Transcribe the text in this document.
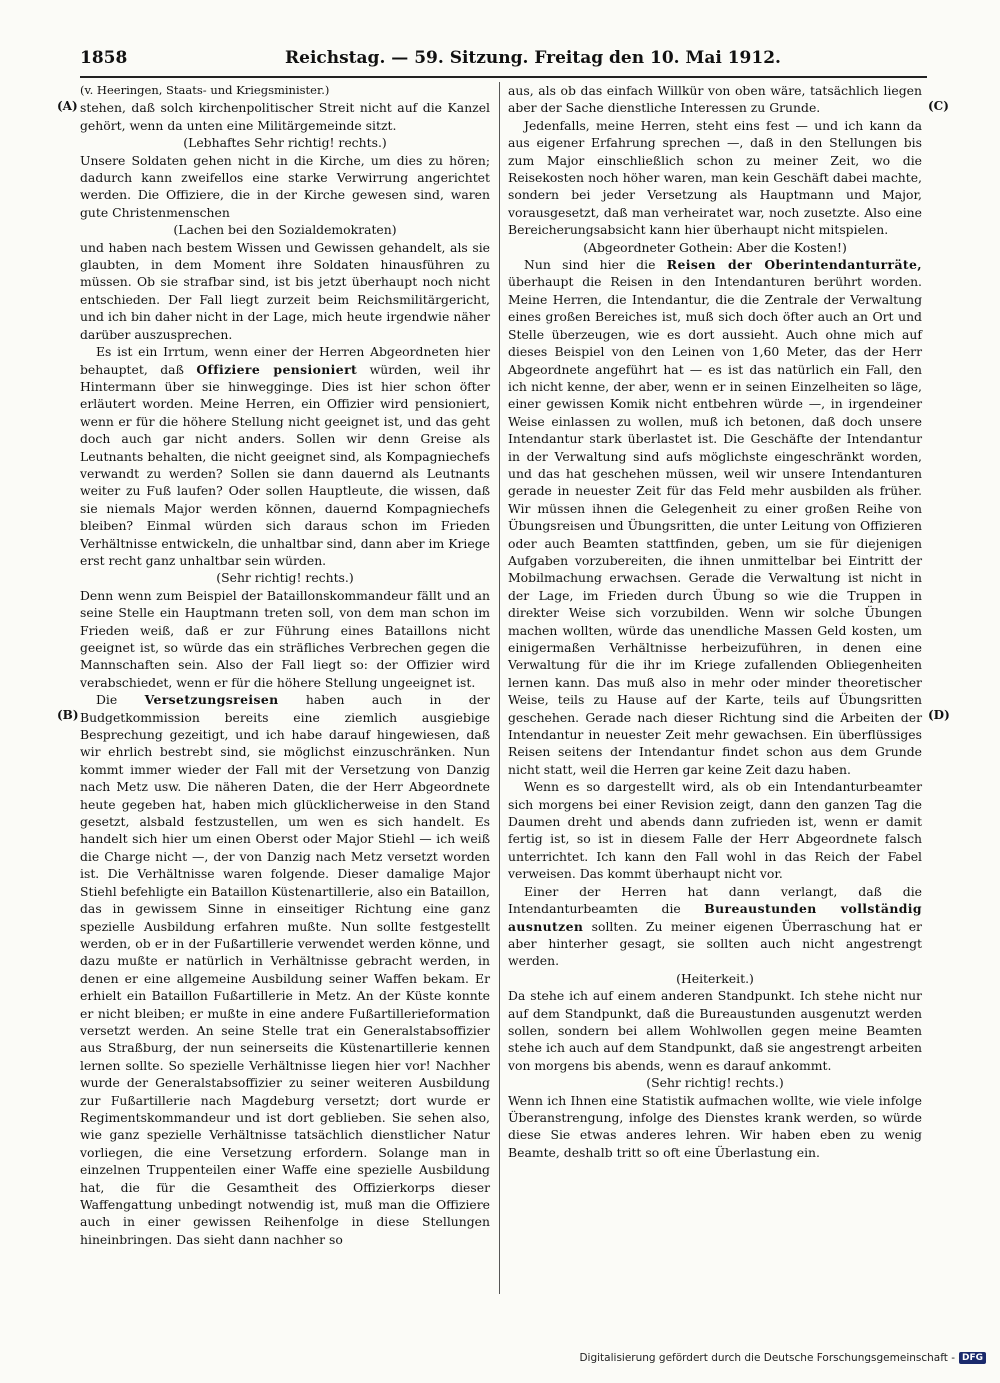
1858	Reichstag. — 59. Sitzung. Freitag den 10. Mai 1912.
(A)
(B)
(C)
(D)

(v. Heeringen, Staats- und Kriegsminister.)

stehen, daß solch kirchenpolitischer Streit nicht auf die Kanzel gehört, wenn da unten eine Militärgemeinde sitzt.

(Lebhaftes Sehr richtig! rechts.)

Unsere Soldaten gehen nicht in die Kirche, um dies zu hören; dadurch kann zweifellos eine starke Verwirrung angerichtet werden. Die Offiziere, die in der Kirche gewesen sind, waren gute Christenmenschen

(Lachen bei den Sozialdemokraten)

und haben nach bestem Wissen und Gewissen gehandelt, als sie glaubten, in dem Moment ihre Soldaten hinausführen zu müssen. Ob sie strafbar sind, ist bis jetzt überhaupt noch nicht entschieden. Der Fall liegt zurzeit beim Reichsmilitärgericht, und ich bin daher nicht in der Lage, mich heute irgendwie näher darüber auszusprechen.

Es ist ein Irrtum, wenn einer der Herren Abgeordneten hier behauptet, daß Offiziere pensioniert würden, weil ihr Hintermann über sie hinwegginge. Dies ist hier schon öfter erläutert worden. Meine Herren, ein Offizier wird pensioniert, wenn er für die höhere Stellung nicht geeignet ist, und das geht doch auch gar nicht anders. Sollen wir denn Greise als Leutnants behalten, die nicht geeignet sind, als Kompagniechefs verwandt zu werden? Sollen sie dann dauernd als Leutnants weiter zu Fuß laufen? Oder sollen Hauptleute, die wissen, daß sie niemals Major werden können, dauernd Kompagniechefs bleiben? Einmal würden sich daraus schon im Frieden Verhältnisse entwickeln, die unhaltbar sind, dann aber im Kriege erst recht ganz unhaltbar sein würden.

(Sehr richtig! rechts.)

Denn wenn zum Beispiel der Bataillonskommandeur fällt und an seine Stelle ein Hauptmann treten soll, von dem man schon im Frieden weiß, daß er zur Führung eines Bataillons nicht geeignet ist, so würde das ein sträfliches Verbrechen gegen die Mannschaften sein. Also der Fall liegt so: der Offizier wird verabschiedet, wenn er für die höhere Stellung ungeeignet ist.

Die Versetzungsreisen haben auch in der Budgetkommission bereits eine ziemlich ausgiebige Besprechung gezeitigt, und ich habe darauf hingewiesen, daß wir ehrlich bestrebt sind, sie möglichst einzuschränken. Nun kommt immer wieder der Fall mit der Versetzung von Danzig nach Metz usw. Die näheren Daten, die der Herr Abgeordnete heute gegeben hat, haben mich glücklicherweise in den Stand gesetzt, alsbald festzustellen, um wen es sich handelt. Es handelt sich hier um einen Oberst oder Major Stiehl — ich weiß die Charge nicht —, der von Danzig nach Metz versetzt worden ist. Die Verhältnisse waren folgende. Dieser damalige Major Stiehl befehligte ein Bataillon Küstenartillerie, also ein Bataillon, das in gewissem Sinne in einseitiger Richtung eine ganz spezielle Ausbildung erfahren mußte. Nun sollte festgestellt werden, ob er in der Fußartillerie verwendet werden könne, und dazu mußte er natürlich in Verhältnisse gebracht werden, in denen er eine allgemeine Ausbildung seiner Waffen bekam. Er erhielt ein Bataillon Fußartillerie in Metz. An der Küste konnte er nicht bleiben; er mußte in eine andere Fußartillerieformation versetzt werden. An seine Stelle trat ein Generalstabsoffizier aus Straßburg, der nun seinerseits die Küstenartillerie kennen lernen sollte. So spezielle Verhältnisse liegen hier vor! Nachher wurde der Generalstabsoffizier zu seiner weiteren Ausbildung zur Fußartillerie nach Magdeburg versetzt; dort wurde er Regimentskommandeur und ist dort geblieben. Sie sehen also, wie ganz spezielle Verhältnisse tatsächlich dienstlicher Natur vorliegen, die eine Versetzung erfordern. Solange man in einzelnen Truppenteilen einer Waffe eine spezielle Ausbildung hat, die für die Gesamtheit des Offizierkorps dieser Waffengattung unbedingt notwendig ist, muß man die Offiziere auch in einer gewissen Reihenfolge in diese Stellungen hineinbringen. Das sieht dann nachher so

aus, als ob das einfach Willkür von oben wäre, tatsächlich liegen aber der Sache dienstliche Interessen zu Grunde.

Jedenfalls, meine Herren, steht eins fest — und ich kann da aus eigener Erfahrung sprechen —, daß in den Stellungen bis zum Major einschließlich schon zu meiner Zeit, wo die Reisekosten noch höher waren, man kein Geschäft dabei machte, sondern bei jeder Versetzung als Hauptmann und Major, vorausgesetzt, daß man verheiratet war, noch zusetzte. Also eine Bereicherungsabsicht kann hier überhaupt nicht mitspielen.

(Abgeordneter Gothein: Aber die Kosten!)

Nun sind hier die Reisen der Oberintendanturräte, überhaupt die Reisen in den Intendanturen berührt worden. Meine Herren, die Intendantur, die die Zentrale der Verwaltung eines großen Bereiches ist, muß sich doch öfter auch an Ort und Stelle überzeugen, wie es dort aussieht. Auch ohne mich auf dieses Beispiel von den Leinen von 1,60 Meter, das der Herr Abgeordnete angeführt hat — es ist das natürlich ein Fall, den ich nicht kenne, der aber, wenn er in seinen Einzelheiten so läge, einer gewissen Komik nicht entbehren würde —, in irgendeiner Weise einlassen zu wollen, muß ich betonen, daß doch unsere Intendantur stark überlastet ist. Die Geschäfte der Intendantur in der Verwaltung sind aufs möglichste eingeschränkt worden, und das hat geschehen müssen, weil wir unsere Intendanturen gerade in neuester Zeit für das Feld mehr ausbilden als früher. Wir müssen ihnen die Gelegenheit zu einer großen Reihe von Übungsreisen und Übungsritten, die unter Leitung von Offizieren oder auch Beamten stattfinden, geben, um sie für diejenigen Aufgaben vorzubereiten, die ihnen unmittelbar bei Eintritt der Mobilmachung erwachsen. Gerade die Verwaltung ist nicht in der Lage, im Frieden durch Übung so wie die Truppen in direkter Weise sich vorzubilden. Wenn wir solche Übungen machen wollten, würde das unendliche Massen Geld kosten, um einigermaßen Verhältnisse herbeizuführen, in denen eine Verwaltung für die ihr im Kriege zufallenden Obliegenheiten lernen kann. Das muß also in mehr oder minder theoretischer Weise, teils zu Hause auf der Karte, teils auf Übungsritten geschehen. Gerade nach dieser Richtung sind die Arbeiten der Intendantur in neuester Zeit mehr gewachsen. Ein überflüssiges Reisen seitens der Intendantur findet schon aus dem Grunde nicht statt, weil die Herren gar keine Zeit dazu haben.

Wenn es so dargestellt wird, als ob ein Intendanturbeamter sich morgens bei einer Revision zeigt, dann den ganzen Tag die Daumen dreht und abends dann zufrieden ist, wenn er damit fertig ist, so ist in diesem Falle der Herr Abgeordnete falsch unterrichtet. Ich kann den Fall wohl in das Reich der Fabel verweisen. Das kommt überhaupt nicht vor.

Einer der Herren hat dann verlangt, daß die Intendanturbeamten die Bureaustunden vollständig ausnutzen sollten. Zu meiner eigenen Überraschung hat er aber hinterher gesagt, sie sollten auch nicht angestrengt werden.

(Heiterkeit.)

Da stehe ich auf einem anderen Standpunkt. Ich stehe nicht nur auf dem Standpunkt, daß die Bureaustunden ausgenutzt werden sollen, sondern bei allem Wohlwollen gegen meine Beamten stehe ich auch auf dem Standpunkt, daß sie angestrengt arbeiten von morgens bis abends, wenn es darauf ankommt.

(Sehr richtig! rechts.)

Wenn ich Ihnen eine Statistik aufmachen wollte, wie viele infolge Überanstrengung, infolge des Dienstes krank werden, so würde diese Sie etwas anderes lehren. Wir haben eben zu wenig Beamte, deshalb tritt so oft eine Überlastung ein.

Digitalisierung gefördert durch die Deutsche Forschungsgemeinschaft - DFG
